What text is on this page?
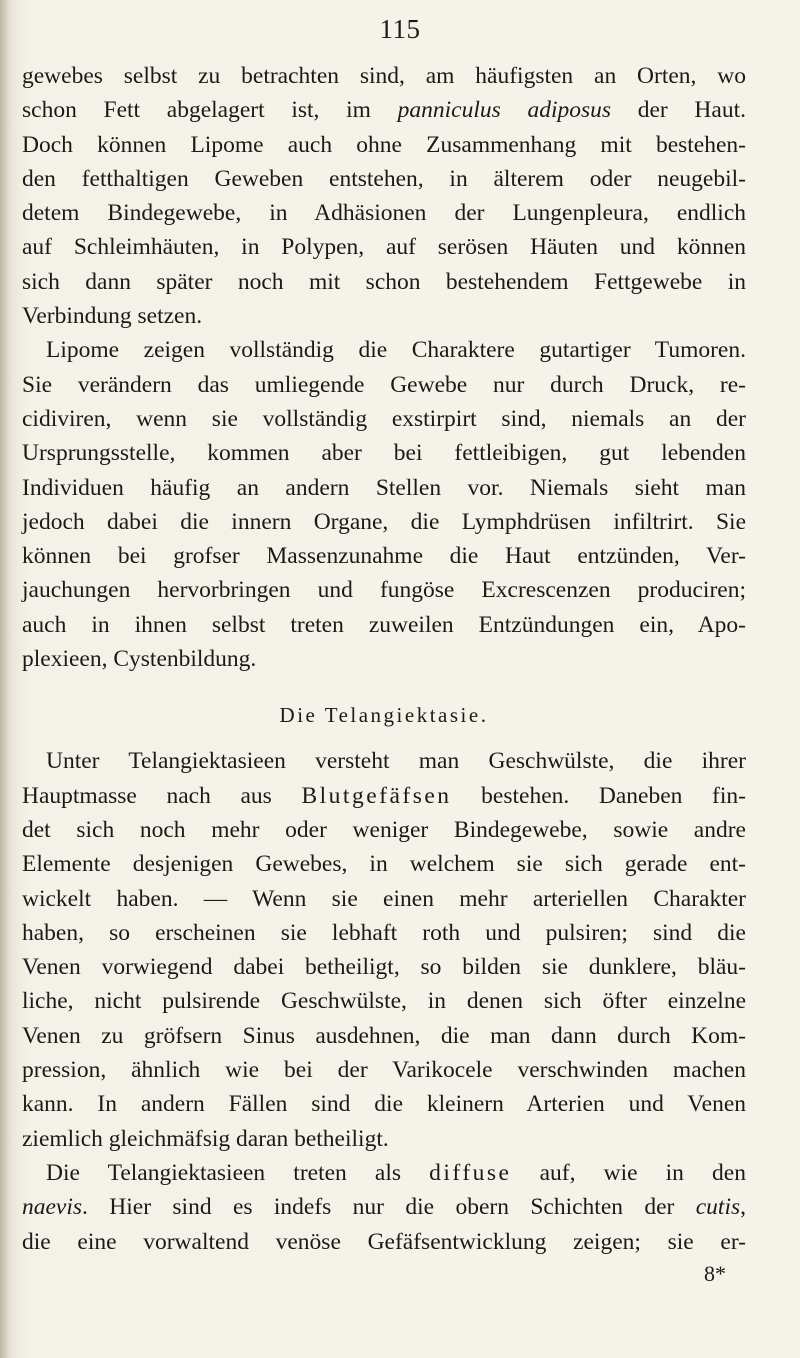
115
gewebes selbst zu betrachten sind, am häufigsten an Orten, wo
schon Fett abgelagert ist, im panniculus adiposus der Haut.
Doch können Lipome auch ohne Zusammenhang mit bestehen-
den fetthaltigen Geweben entstehen, in älterem oder neugebil-
detem Bindegewebe, in Adhäsionen der Lungenpleura, endlich
auf Schleimhäuten, in Polypen, auf serösen Häuten und können
sich dann später noch mit schon bestehendem Fettgewebe in
Verbindung setzen.
Lipome zeigen vollständig die Charaktere gutartiger Tumoren.
Sie verändern das umliegende Gewebe nur durch Druck, re-
cidiviren, wenn sie vollständig exstirpirt sind, niemals an der
Ursprungsstelle, kommen aber bei fettleibigen, gut lebenden
Individuen häufig an andern Stellen vor. Niemals sieht man
jedoch dabei die innern Organe, die Lymphdrüsen infiltrirt. Sie
können bei grofser Massenzunahme die Haut entzünden, Ver-
jauchungen hervorbringen und fungöse Excrescenzen produciren;
auch in ihnen selbst treten zuweilen Entzündungen ein, Apo-
plexieen, Cystenbildung.
Die Telangiektasie.
Unter Telangiektasieen versteht man Geschwülste, die ihrer
Hauptmasse nach aus Blutgefäfsen bestehen. Daneben fin-
det sich noch mehr oder weniger Bindegewebe, sowie andre
Elemente desjenigen Gewebes, in welchem sie sich gerade ent-
wickelt haben. — Wenn sie einen mehr arteriellen Charakter
haben, so erscheinen sie lebhaft roth und pulsiren; sind die
Venen vorwiegend dabei betheiligt, so bilden sie dunklere, bläu-
liche, nicht pulsirende Geschwülste, in denen sich öfter einzelne
Venen zu gröfsern Sinus ausdehnen, die man dann durch Kom-
pression, ähnlich wie bei der Varikocele verschwinden machen
kann. In andern Fällen sind die kleinern Arterien und Venen
ziemlich gleichmäfsig daran betheiligt.
Die Telangiektasieen treten als diffuse auf, wie in den
naevis. Hier sind es indefs nur die obern Schichten der cutis,
die eine vorwaltend venöse Gefäfsentwicklung zeigen; sie er-
8*
